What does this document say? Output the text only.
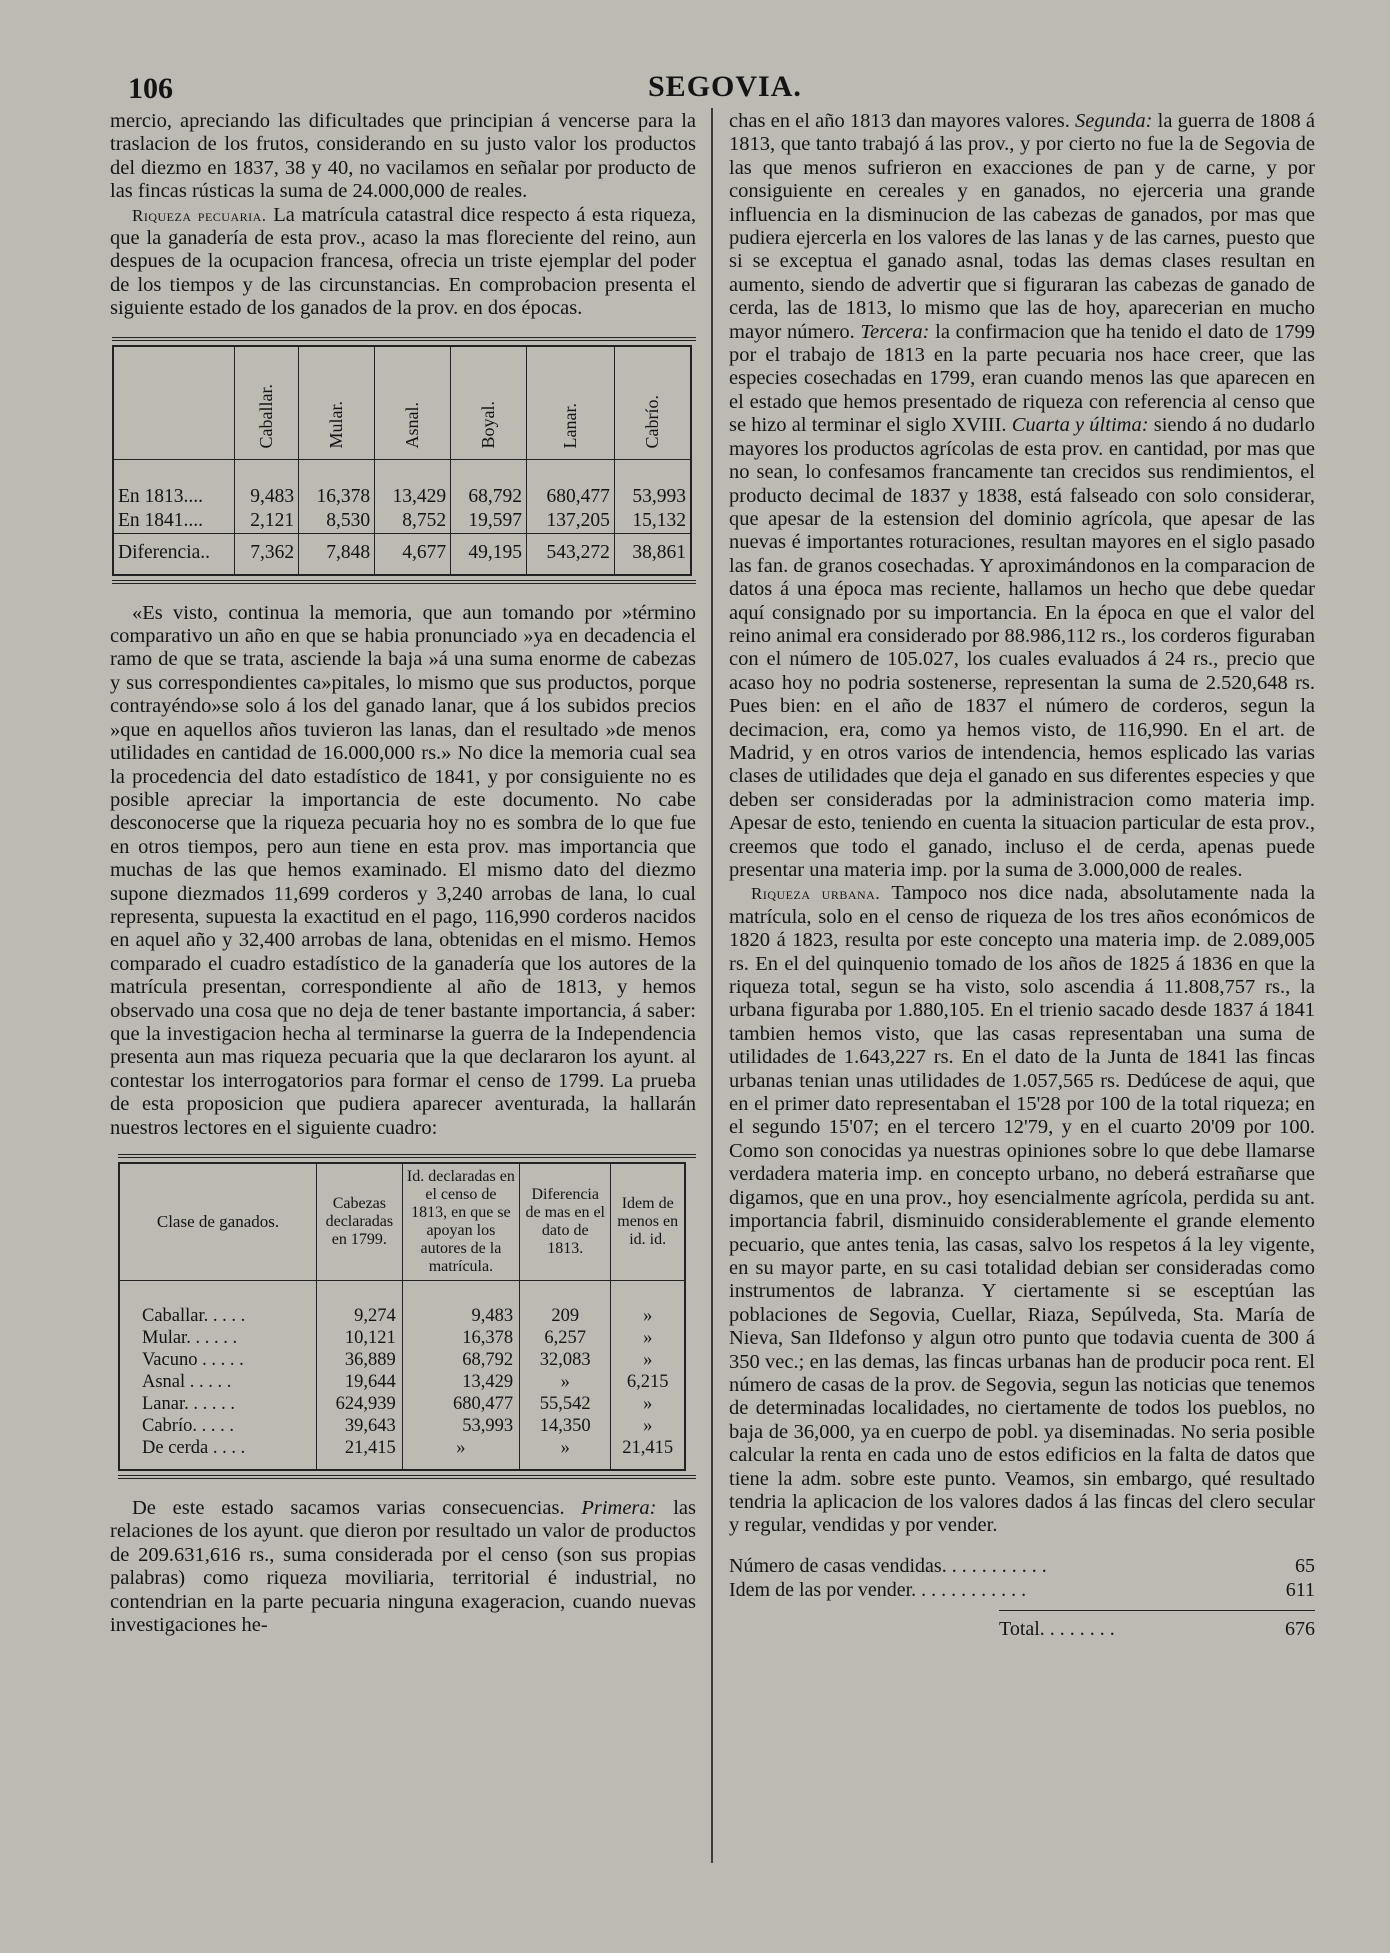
106	SEGOVIA.

mercio, apreciando las dificultades que principian á vencerse para la traslacion de los frutos, considerando en su justo valor los productos del diezmo en 1837, 38 y 40, no vacilamos en señalar por producto de las fincas rústicas la suma de 24.000,000 de reales.

Riqueza pecuaria. La matrícula catastral dice respecto á esta riqueza, que la ganadería de esta prov., acaso la mas floreciente del reino, aun despues de la ocupacion francesa, ofrecia un triste ejemplar del poder de los tiempos y de las circunstancias. En comprobacion presenta el siguiente estado de los ganados de la prov. en dos épocas.

	Caballar.	Mular.	Asnal.	Boyal.	Lanar.	Cabrío.
En 1813....	9,483	16,378	13,429	68,792	680,477	53,993
En 1841....	2,121	8,530	8,752	19,597	137,205	15,132
Diferencia..	7,362	7,848	4,677	49,195	543,272	38,861

«Es visto, continua la memoria, que aun tomando por »término comparativo un año en que se habia pronunciado »ya en decadencia el ramo de que se trata, asciende la baja »á una suma enorme de cabezas y sus correspondientes ca»pitales, lo mismo que sus productos, porque contrayéndo»se solo á los del ganado lanar, que á los subidos precios »que en aquellos años tuvieron las lanas, dan el resultado »de menos utilidades en cantidad de 16.000,000 rs.» No dice la memoria cual sea la procedencia del dato estadístico de 1841, y por consiguiente no es posible apreciar la importancia de este documento. No cabe desconocerse que la riqueza pecuaria hoy no es sombra de lo que fue en otros tiempos, pero aun tiene en esta prov. mas importancia que muchas de las que hemos examinado. El mismo dato del diezmo supone diezmados 11,699 corderos y 3,240 arrobas de lana, lo cual representa, supuesta la exactitud en el pago, 116,990 corderos nacidos en aquel año y 32,400 arrobas de lana, obtenidas en el mismo. Hemos comparado el cuadro estadístico de la ganadería que los autores de la matrícula presentan, correspondiente al año de 1813, y hemos observado una cosa que no deja de tener bastante importancia, á saber: que la investigacion hecha al terminarse la guerra de la Independencia presenta aun mas riqueza pecuaria que la que declararon los ayunt. al contestar los interrogatorios para formar el censo de 1799. La prueba de esta proposicion que pudiera aparecer aventurada, la hallarán nuestros lectores en el siguiente cuadro:

Clase de ganados.	Cabezas declaradas en 1799.	Id. declaradas en el censo de 1813, en que se apoyan los autores de la matrícula.	Diferencia de mas en el dato de 1813.	Idem de menos en id. id.
Caballar. . . . .	9,274	9,483	209	»
Mular. . . . . .	10,121	16,378	6,257	»
Vacuno . . . . .	36,889	68,792	32,083	»
Asnal . . . . .	19,644	13,429	»	6,215
Lanar. . . . . .	624,939	680,477	55,542	»
Cabrío. . . . .	39,643	53,993	14,350	»
De cerda . . . .	21,415	»	»	21,415

De este estado sacamos varias consecuencias. Primera: las relaciones de los ayunt. que dieron por resultado un valor de productos de 209.631,616 rs., suma considerada por el censo (son sus propias palabras) como riqueza moviliaria, territorial é industrial, no contendrian en la parte pecuaria ninguna exageracion, cuando nuevas investigaciones he-

chas en el año 1813 dan mayores valores. Segunda: la guerra de 1808 á 1813, que tanto trabajó á las prov., y por cierto no fue la de Segovia de las que menos sufrieron en exacciones de pan y de carne, y por consiguiente en cereales y en ganados, no ejerceria una grande influencia en la disminucion de las cabezas de ganados, por mas que pudiera ejercerla en los valores de las lanas y de las carnes, puesto que si se exceptua el ganado asnal, todas las demas clases resultan en aumento, siendo de advertir que si figuraran las cabezas de ganado de cerda, las de 1813, lo mismo que las de hoy, aparecerian en mucho mayor número. Tercera: la confirmacion que ha tenido el dato de 1799 por el trabajo de 1813 en la parte pecuaria nos hace creer, que las especies cosechadas en 1799, eran cuando menos las que aparecen en el estado que hemos presentado de riqueza con referencia al censo que se hizo al terminar el siglo XVIII. Cuarta y última: siendo á no dudarlo mayores los productos agrícolas de esta prov. en cantidad, por mas que no sean, lo confesamos francamente tan crecidos sus rendimientos, el producto decimal de 1837 y 1838, está falseado con solo considerar, que apesar de la estension del dominio agrícola, que apesar de las nuevas é importantes roturaciones, resultan mayores en el siglo pasado las fan. de granos cosechadas. Y aproximándonos en la comparacion de datos á una época mas reciente, hallamos un hecho que debe quedar aquí consignado por su importancia. En la época en que el valor del reino animal era considerado por 88.986,112 rs., los corderos figuraban con el número de 105.027, los cuales evaluados á 24 rs., precio que acaso hoy no podria sostenerse, representan la suma de 2.520,648 rs. Pues bien: en el año de 1837 el número de corderos, segun la decimacion, era, como ya hemos visto, de 116,990. En el art. de Madrid, y en otros varios de intendencia, hemos esplicado las varias clases de utilidades que deja el ganado en sus diferentes especies y que deben ser consideradas por la administracion como materia imp. Apesar de esto, teniendo en cuenta la situacion particular de esta prov., creemos que todo el ganado, incluso el de cerda, apenas puede presentar una materia imp. por la suma de 3.000,000 de reales.

Riqueza urbana. Tampoco nos dice nada, absolutamente nada la matrícula, solo en el censo de riqueza de los tres años económicos de 1820 á 1823, resulta por este concepto una materia imp. de 2.089,005 rs. En el del quinquenio tomado de los años de 1825 á 1836 en que la riqueza total, segun se ha visto, solo ascendia á 11.808,757 rs., la urbana figuraba por 1.880,105. En el trienio sacado desde 1837 á 1841 tambien hemos visto, que las casas representaban una suma de utilidades de 1.643,227 rs. En el dato de la Junta de 1841 las fincas urbanas tenian unas utilidades de 1.057,565 rs. Dedúcese de aqui, que en el primer dato representaban el 15'28 por 100 de la total riqueza; en el segundo 15'07; en el tercero 12'79, y en el cuarto 20'09 por 100. Como son conocidas ya nuestras opiniones sobre lo que debe llamarse verdadera materia imp. en concepto urbano, no deberá estrañarse que digamos, que en una prov., hoy esencialmente agrícola, perdida su ant. importancia fabril, disminuido considerablemente el grande elemento pecuario, que antes tenia, las casas, salvo los respetos á la ley vigente, en su mayor parte, en su casi totalidad debian ser consideradas como instrumentos de labranza. Y ciertamente si se esceptúan las poblaciones de Segovia, Cuellar, Riaza, Sepúlveda, Sta. María de Nieva, San Ildefonso y algun otro punto que todavia cuenta de 300 á 350 vec.; en las demas, las fincas urbanas han de producir poca rent. El número de casas de la prov. de Segovia, segun las noticias que tenemos de determinadas localidades, no ciertamente de todos los pueblos, no baja de 36,000, ya en cuerpo de pobl. ya diseminadas. No seria posible calcular la renta en cada uno de estos edificios en la falta de datos que tiene la adm. sobre este punto. Veamos, sin embargo, qué resultado tendria la aplicacion de los valores dados á las fincas del clero secular y regular, vendidas y por vender.

Número de casas vendidas. . . . . . . . . . .	65
Idem de las por vender. . . . . . . . . . . .	611
Total. . . . . . . .	676
